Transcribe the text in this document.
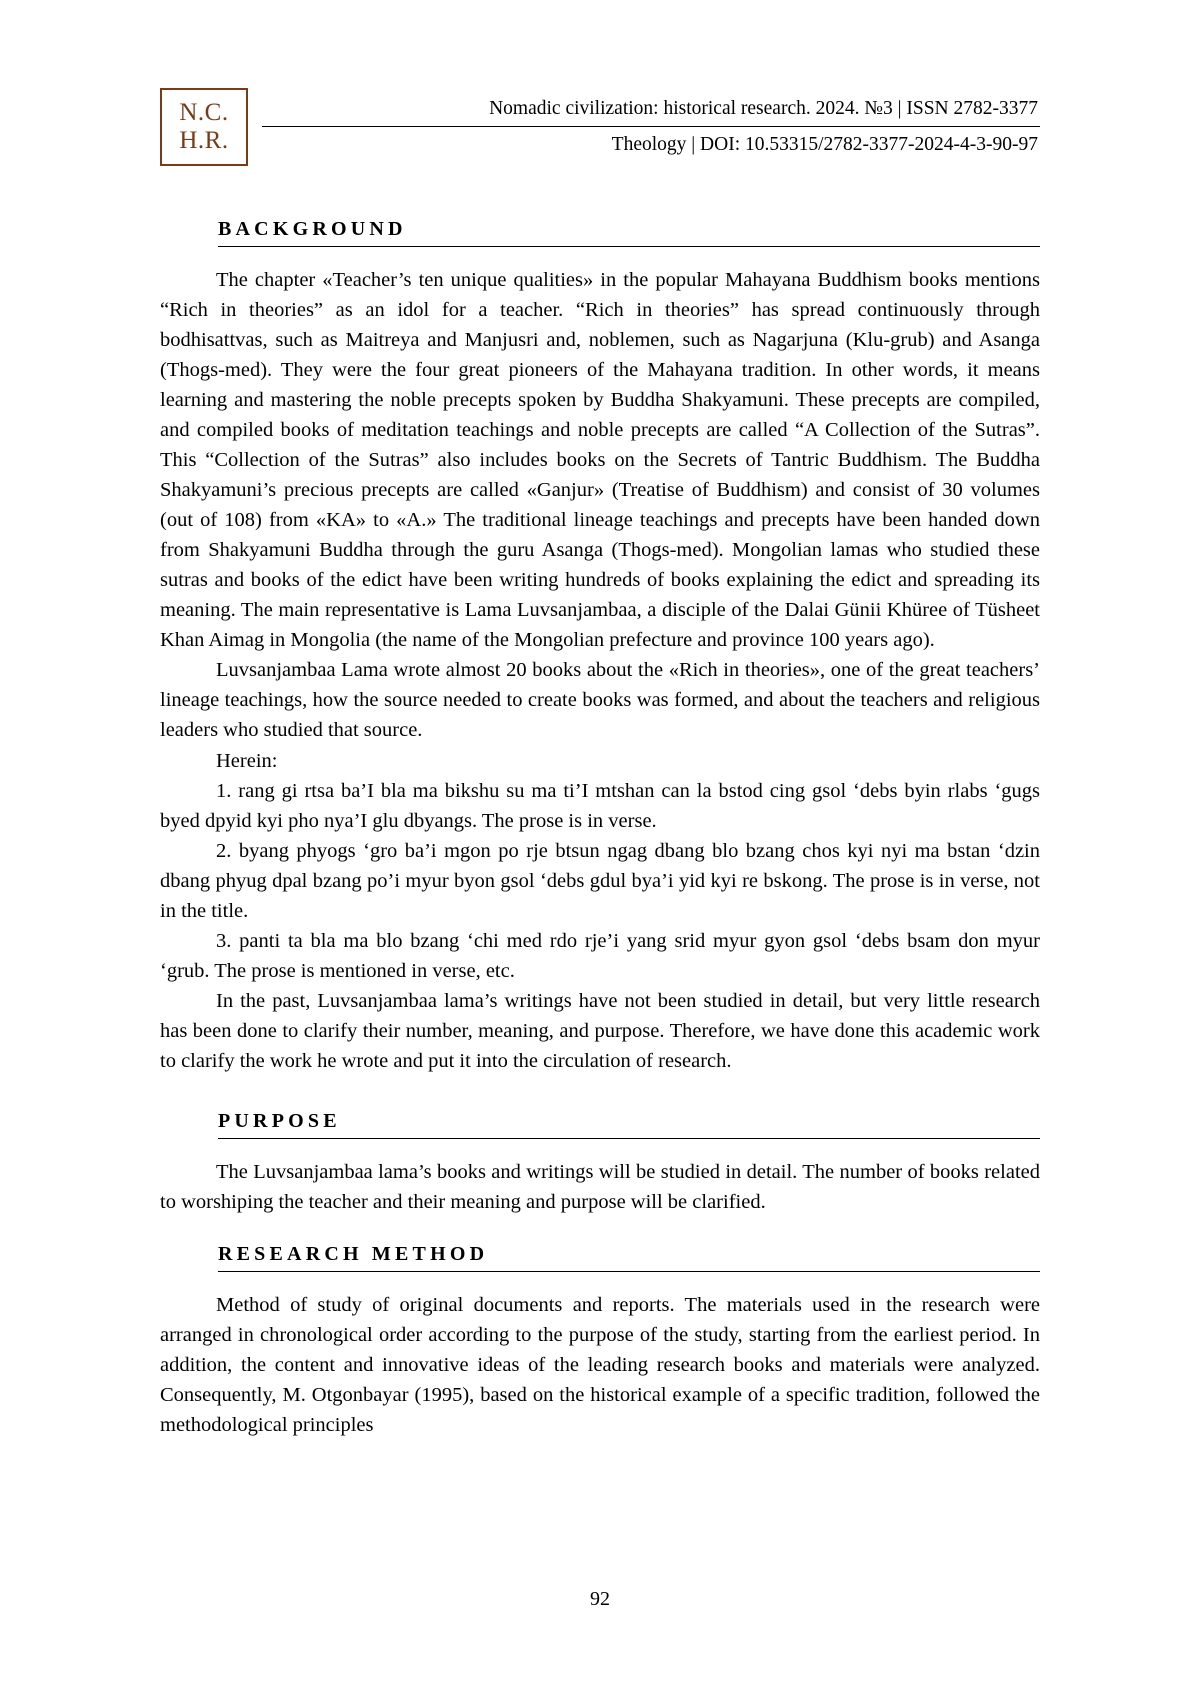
N.C.
H.R.
Nomadic civilization: historical research. 2024. №3 | ISSN 2782-3377
Theology | DOI: 10.53315/2782-3377-2024-4-3-90-97
BACKGROUND

The chapter «Teacher’s ten unique qualities» in the popular Mahayana Buddhism books mentions “Rich in theories” as an idol for a teacher. “Rich in theories” has spread continuously through bodhisattvas, such as Maitreya and Manjusri and, noblemen, such as Nagarjuna (Klu-grub) and Asanga (Thogs-med). They were the four great pioneers of the Mahayana tradition. In other words, it means learning and mastering the noble precepts spoken by Buddha Shakyamuni. These precepts are compiled, and compiled books of meditation teachings and noble precepts are called “A Collection of the Sutras”. This “Collection of the Sutras” also includes books on the Secrets of Tantric Buddhism. The Buddha Shakyamuni’s precious precepts are called «Ganjur» (Treatise of Buddhism) and consist of 30 volumes (out of 108) from «KA» to «A.» The traditional lineage teachings and precepts have been handed down from Shakyamuni Buddha through the guru Asanga (Thogs-med). Mongolian lamas who studied these sutras and books of the edict have been writing hundreds of books explaining the edict and spreading its meaning. The main representative is Lama Luvsanjambaa, a disciple of the Dalai Günii Khüree of Tüsheet Khan Aimag in Mongolia (the name of the Mongolian prefecture and province 100 years ago).

Luvsanjambaa Lama wrote almost 20 books about the «Rich in theories», one of the great teachers’ lineage teachings, how the source needed to create books was formed, and about the teachers and religious leaders who studied that source.

Herein:

1. rang gi rtsa ba’I bla ma bikshu su ma ti’I mtshan can la bstod cing gsol ‘debs byin rlabs ‘gugs byed dpyid kyi pho nya’I glu dbyangs. The prose is in verse.

2. byang phyogs ‘gro ba’i mgon po rje btsun ngag dbang blo bzang chos kyi nyi ma bstan ‘dzin dbang phyug dpal bzang po’i myur byon gsol ‘debs gdul bya’i yid kyi re bskong. The prose is in verse, not in the title.

3. panti ta bla ma blo bzang ‘chi med rdo rje’i yang srid myur gyon gsol ‘debs bsam don myur ‘grub. The prose is mentioned in verse, etc.

In the past, Luvsanjambaa lama’s writings have not been studied in detail, but very little research has been done to clarify their number, meaning, and purpose. Therefore, we have done this academic work to clarify the work he wrote and put it into the circulation of research.

PURPOSE

The Luvsanjambaa lama’s books and writings will be studied in detail. The number of books related to worshiping the teacher and their meaning and purpose will be clarified.

RESEARCH METHOD

Method of study of original documents and reports. The materials used in the research were arranged in chronological order according to the purpose of the study, starting from the earliest period. In addition, the content and innovative ideas of the leading research books and materials were analyzed. Consequently, M. Otgonbayar (1995), based on the historical example of a specific tradition, followed the methodological principles

92
